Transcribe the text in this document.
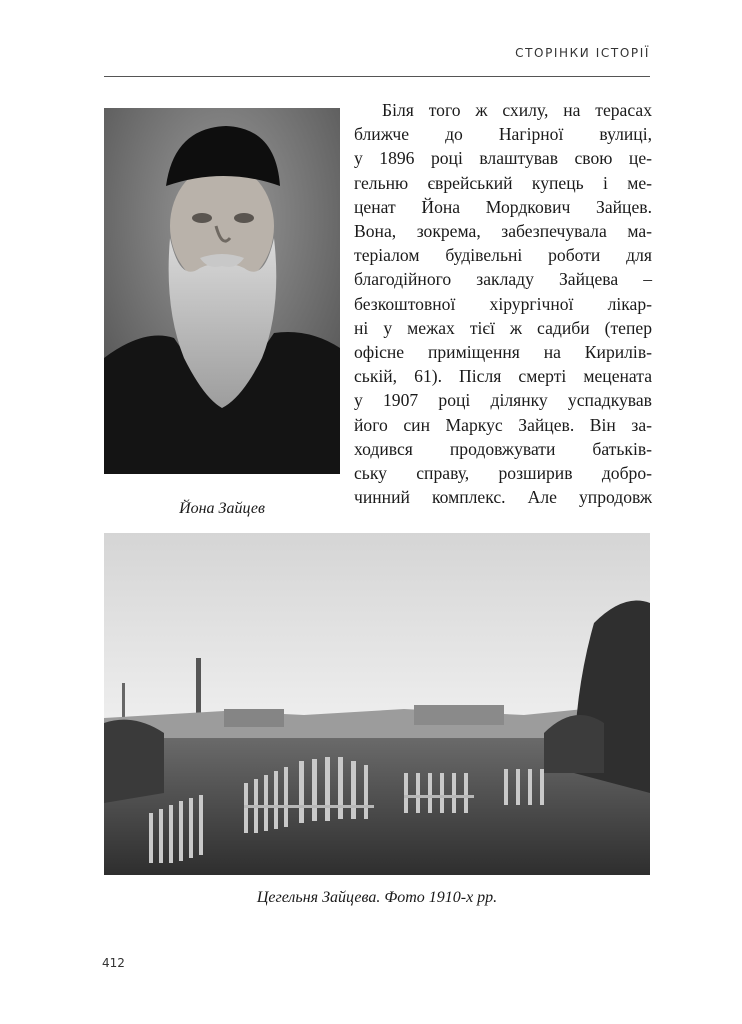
СТОРІНКИ ІСТОРІЇ
Йона Зайцев
Біля того ж схилу, на терасах
ближче до Нагірної вулиці,
у 1896 році влаштував свою це-
гельню єврейський купець і ме-
ценат Йона Мордкович Зайцев.
Вона, зокрема, забезпечувала ма-
теріалом будівельні роботи для
благодійного закладу Зайцева –
безкоштовної хірургічної лікар-
ні у межах тієї ж садиби (тепер
офісне приміщення на Кирилів-
ській, 61). Після смерті мецената
у 1907 році ділянку успадкував
його син Маркус Зайцев. Він за-
ходився продовжувати батьків-
ську справу, розширив добро-
чинний комплекс. Але упродовж
Цегельня Зайцева. Фото 1910-х рр.
412
